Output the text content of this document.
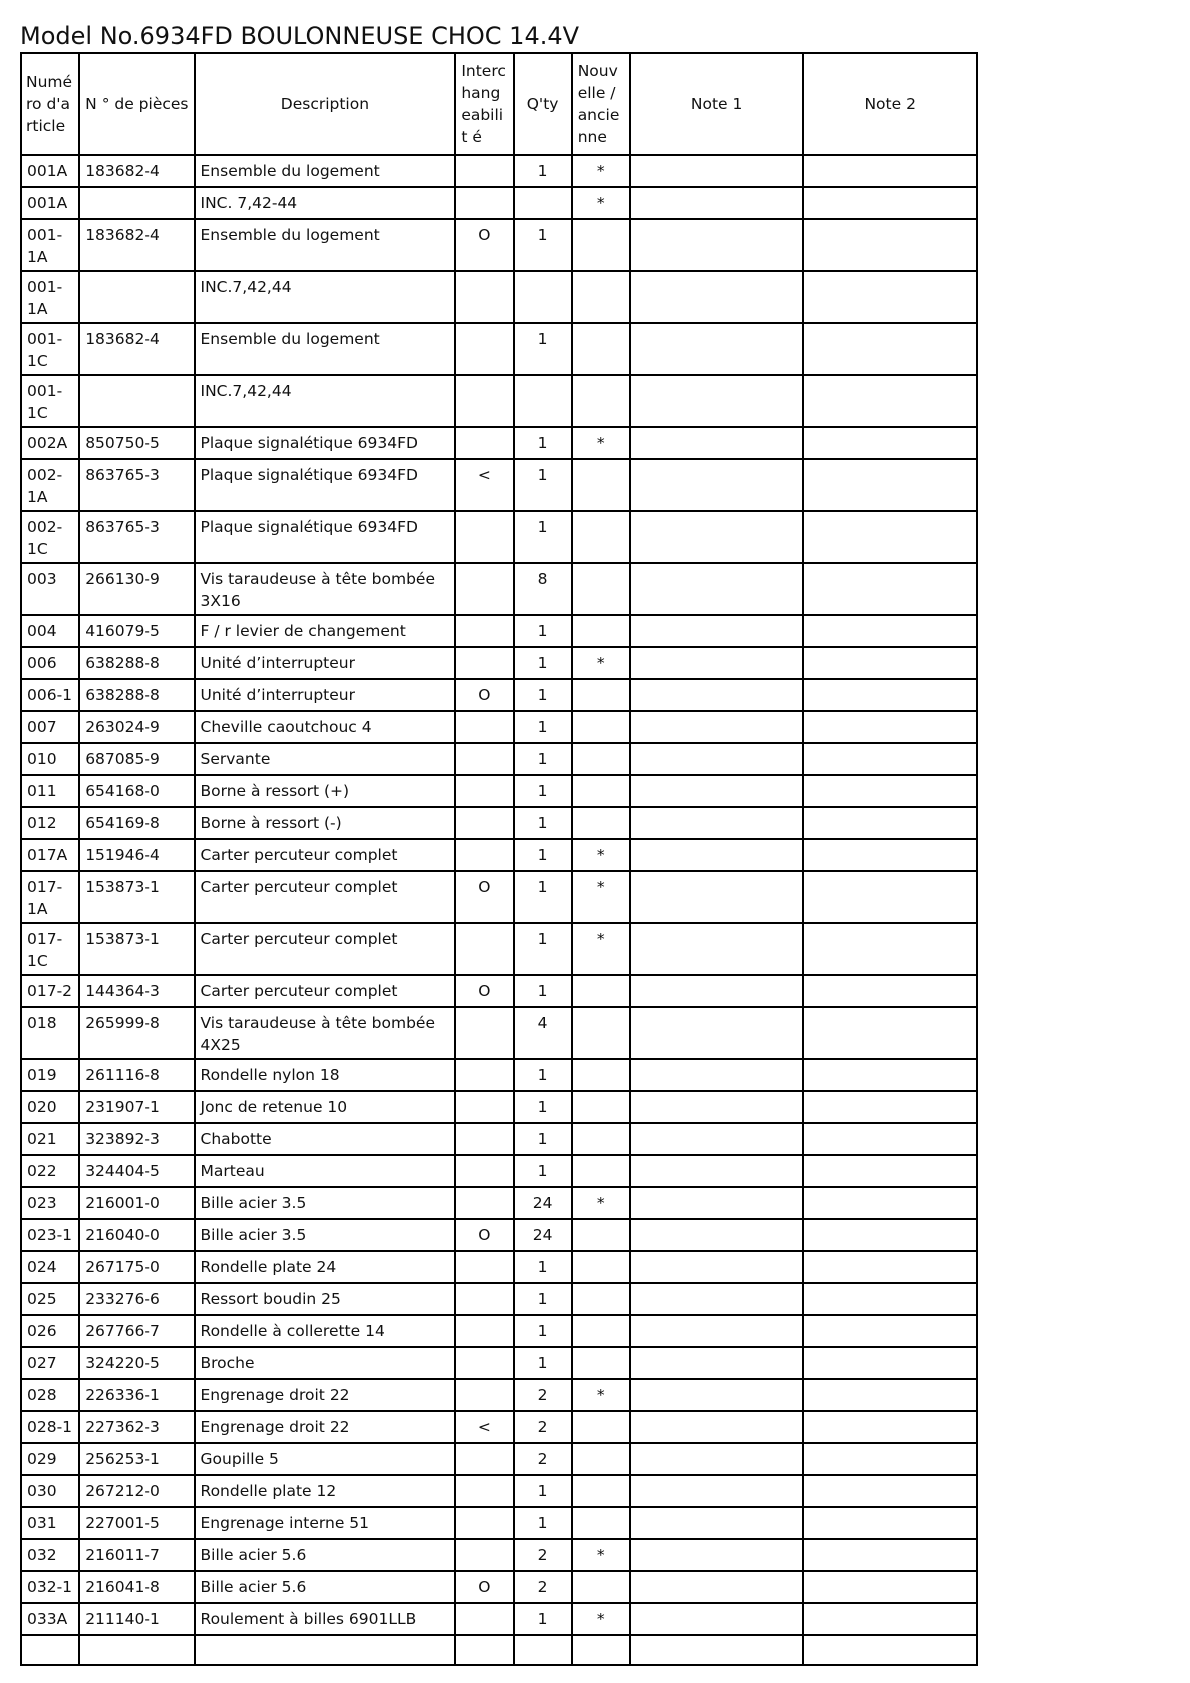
Model No.6934FD BOULONNEUSE CHOC 14.4V
Numé ro d'a rticle	N ° de pièces	Description	Interc hang eabilit é	Q'ty	Nouv elle / ancie nne	Note 1	Note 2
001A	183682-4	Ensemble du logement		1	*		
001A		INC. 7,42-44			*		
001-1A	183682-4	Ensemble du logement	O	1			
001-1A		INC.7,42,44					
001-1C	183682-4	Ensemble du logement		1			
001-1C		INC.7,42,44					
002A	850750-5	Plaque signalétique 6934FD		1	*		
002-1A	863765-3	Plaque signalétique 6934FD	<	1			
002-1C	863765-3	Plaque signalétique 6934FD		1			
003	266130-9	Vis taraudeuse à tête bombée 3X16		8			
004	416079-5	F / r levier de changement		1			
006	638288-8	Unité d’interrupteur		1	*		
006-1	638288-8	Unité d’interrupteur	O	1			
007	263024-9	Cheville caoutchouc 4		1			
010	687085-9	Servante		1			
011	654168-0	Borne à ressort (+)		1			
012	654169-8	Borne à ressort (-)		1			
017A	151946-4	Carter percuteur complet		1	*		
017-1A	153873-1	Carter percuteur complet	O	1	*		
017-1C	153873-1	Carter percuteur complet		1	*		
017-2	144364-3	Carter percuteur complet	O	1			
018	265999-8	Vis taraudeuse à tête bombée 4X25		4			
019	261116-8	Rondelle nylon 18		1			
020	231907-1	Jonc de retenue 10		1			
021	323892-3	Chabotte		1			
022	324404-5	Marteau		1			
023	216001-0	Bille acier 3.5		24	*		
023-1	216040-0	Bille acier 3.5	O	24			
024	267175-0	Rondelle plate 24		1			
025	233276-6	Ressort boudin 25		1			
026	267766-7	Rondelle à collerette 14		1			
027	324220-5	Broche		1			
028	226336-1	Engrenage droit 22		2	*		
028-1	227362-3	Engrenage droit 22	<	2			
029	256253-1	Goupille 5		2			
030	267212-0	Rondelle plate 12		1			
031	227001-5	Engrenage interne 51		1			
032	216011-7	Bille acier 5.6		2	*		
032-1	216041-8	Bille acier 5.6	O	2			
033A	211140-1	Roulement à billes 6901LLB		1	*		
